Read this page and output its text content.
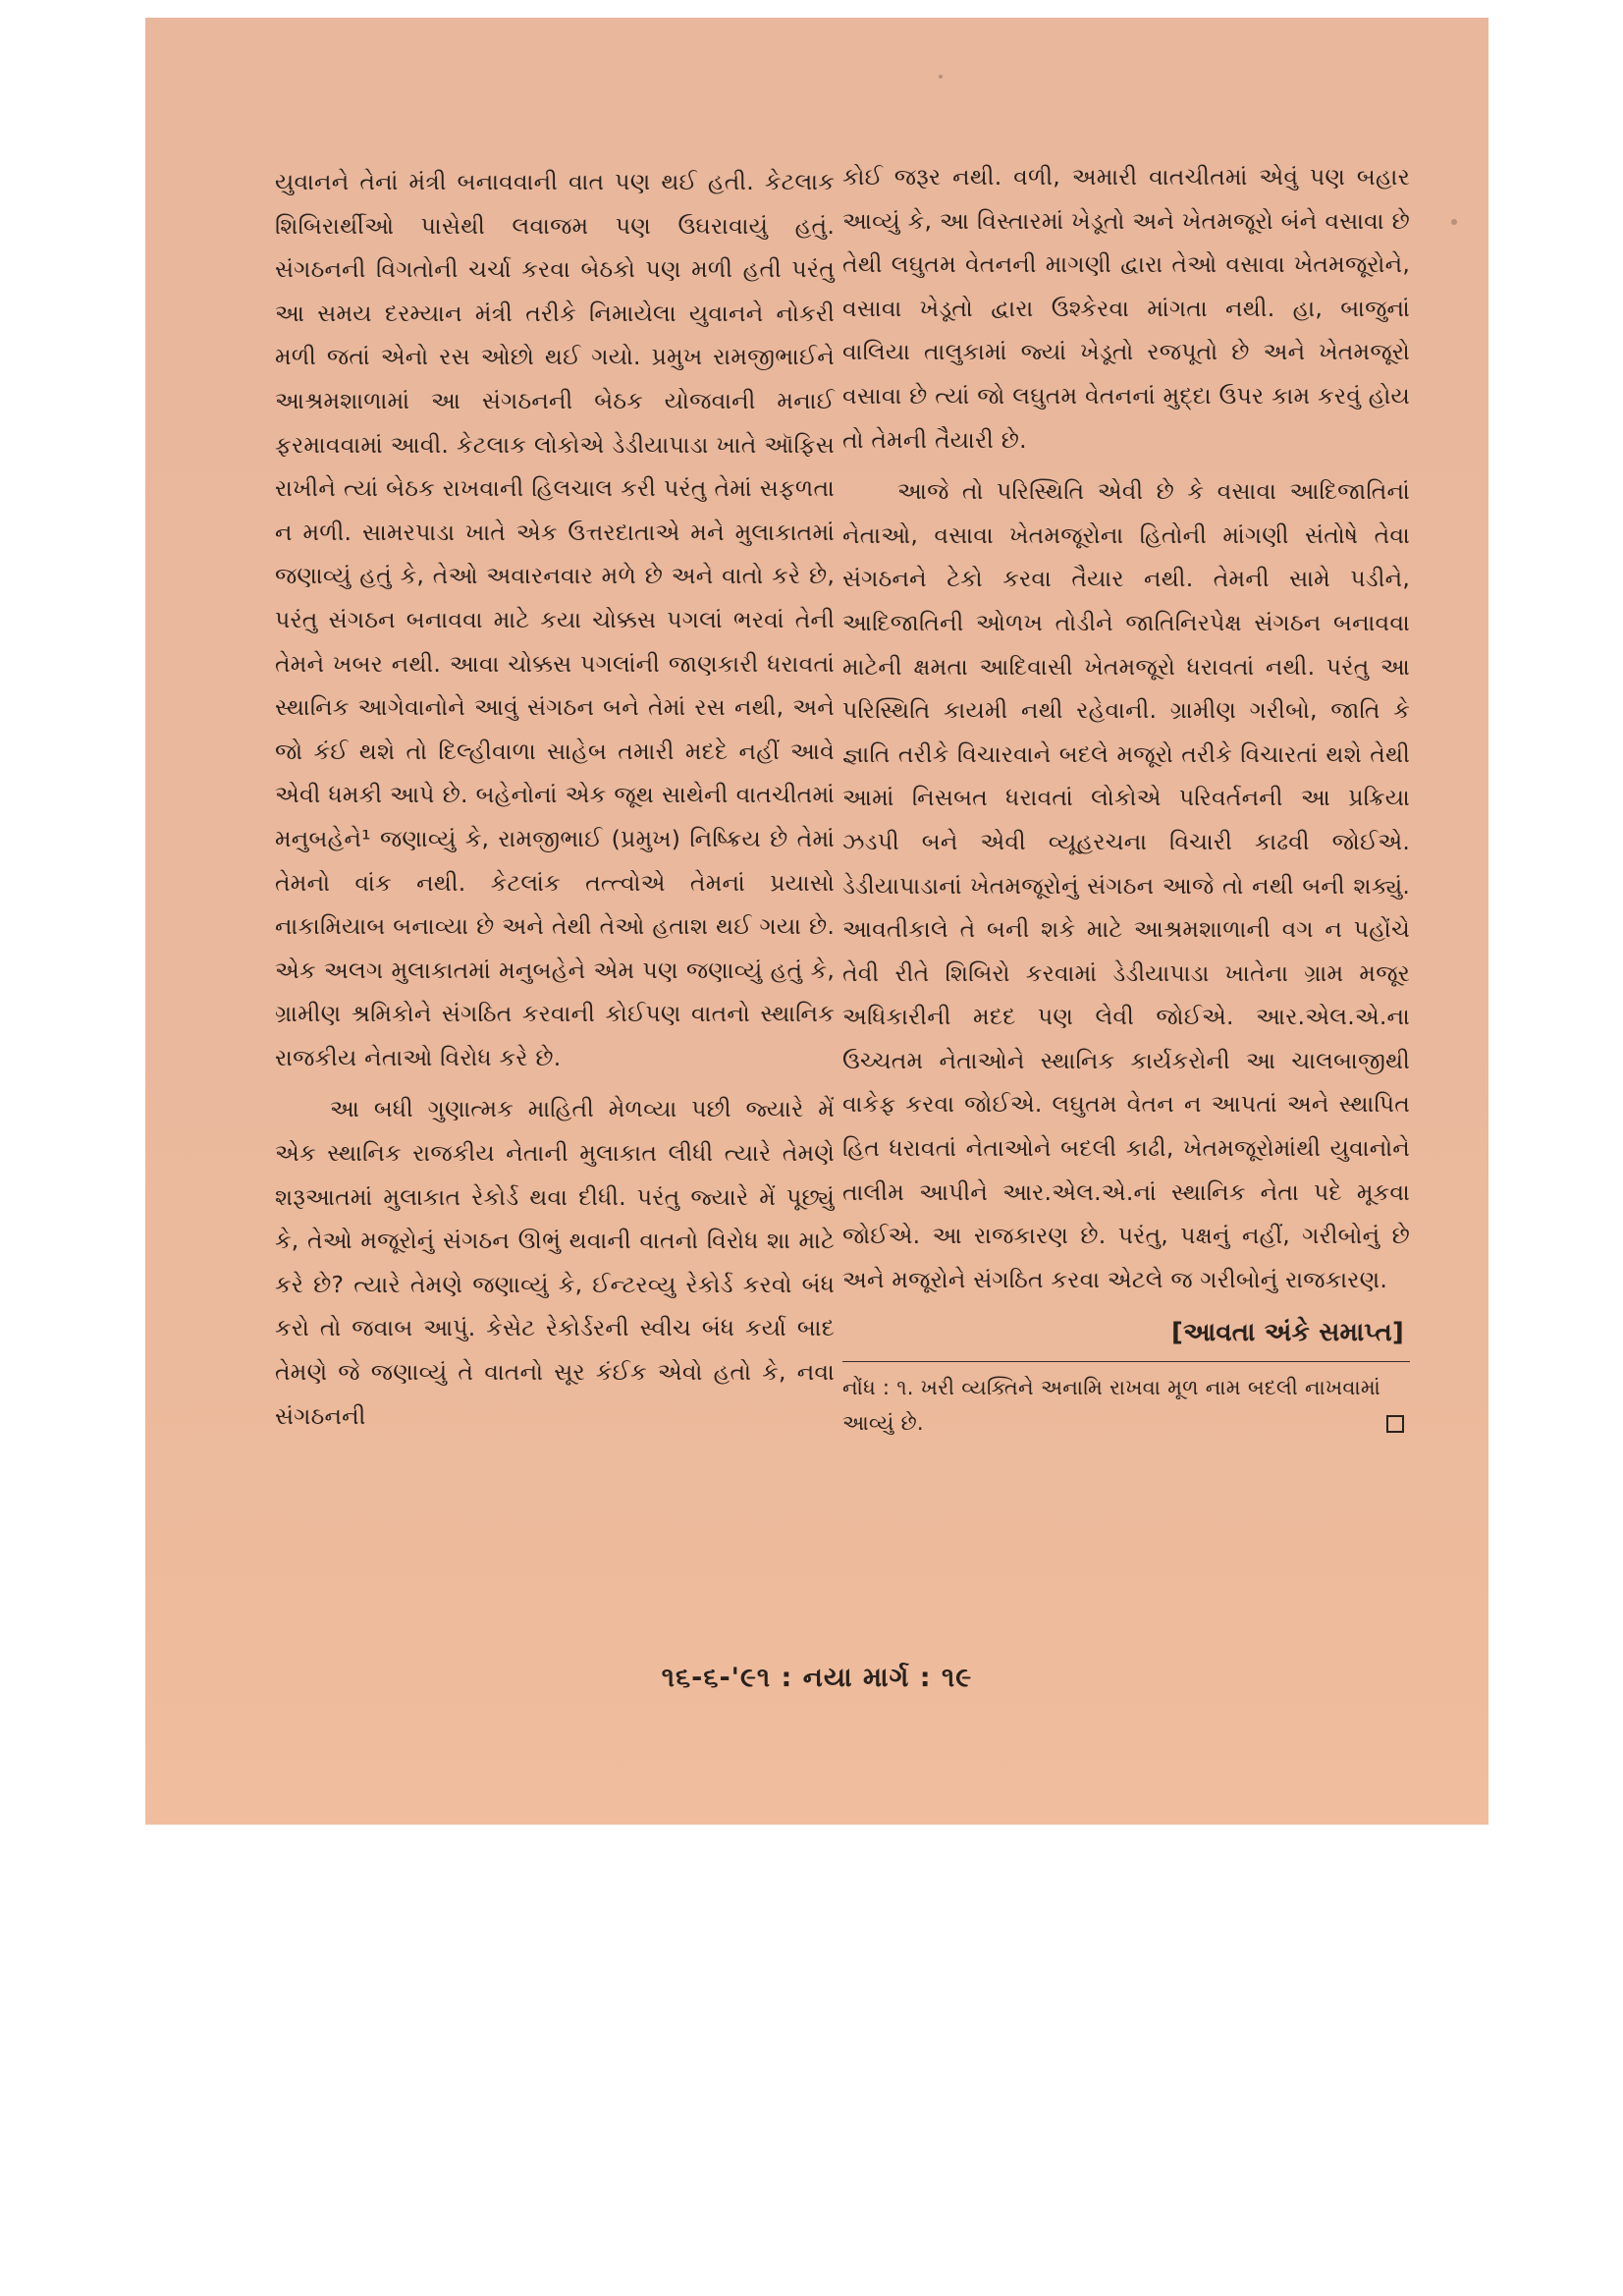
યુવાનને તેનાં મંત્રી બનાવવાની વાત પણ થઈ હતી. કેટલાક શિબિરાર્થીઓ પાસેથી લવાજમ પણ ઉઘરાવાયું હતું. સંગઠનની વિગતોની ચર્ચા કરવા બેઠકો પણ મળી હતી પરંતુ આ સમય દરમ્યાન મંત્રી તરીકે નિમાયેલા યુવાનને નોકરી મળી જતાં એનો રસ ઓછો થઈ ગયો. પ્રમુખ રામજીભાઈને આશ્રમશાળામાં આ સંગઠનની બેઠક યોજવાની મનાઈ ફરમાવવામાં આવી. કેટલાક લોકોએ ડેડીયાપાડા ખાતે ઑફિસ રાખીને ત્યાં બેઠક રાખવાની હિલચાલ કરી પરંતુ તેમાં સફળતા ન મળી. સામરપાડા ખાતે એક ઉત્તરદાતાએ મને મુલાકાતમાં જણાવ્યું હતું કે, તેઓ અવારનવાર મળે છે અને વાતો કરે છે, પરંતુ સંગઠન બનાવવા માટે કયા ચોક્કસ પગલાં ભરવાં તેની તેમને ખબર નથી. આવા ચોક્કસ પગલાંની જાણકારી ધરાવતાં સ્થાનિક આગેવાનોને આવું સંગઠન બને તેમાં રસ નથી, અને જો કંઈ થશે તો દિલ્હીવાળા સાહેબ તમારી મદદે નહીં આવે એવી ધમકી આપે છે. બહેનોનાં એક જૂથ સાથેની વાતચીતમાં મનુબહેને¹ જણાવ્યું કે, રામજીભાઈ (પ્રમુખ) નિષ્ક્રિય છે તેમાં તેમનો વાંક નથી. કેટલાંક તત્ત્વોએ તેમનાં પ્રયાસો નાકામિયાબ બનાવ્યા છે અને તેથી તેઓ હતાશ થઈ ગયા છે. એક અલગ મુલાકાતમાં મનુબહેને એમ પણ જણાવ્યું હતું કે, ગ્રામીણ શ્રમિકોને સંગઠિત કરવાની કોઈપણ વાતનો સ્થાનિક રાજકીય નેતાઓ વિરોધ કરે છે.

આ બધી ગુણાત્મક માહિતી મેળવ્યા પછી જ્યારે મેં એક સ્થાનિક રાજકીય નેતાની મુલાકાત લીધી ત્યારે તેમણે શરૂઆતમાં મુલાકાત રેકોર્ડ થવા દીધી. પરંતુ જ્યારે મેં પૂછ્યું કે, તેઓ મજૂરોનું સંગઠન ઊભું થવાની વાતનો વિરોધ શા માટે કરે છે? ત્યારે તેમણે જણાવ્યું કે, ઈન્ટરવ્યુ રેકોર્ડ કરવો બંધ કરો તો જવાબ આપું. કેસેટ રેકોર્ડરની સ્વીચ બંધ કર્યા બાદ તેમણે જે જણાવ્યું તે વાતનો સૂર કંઈક એવો હતો કે, નવા સંગઠનની

કોઈ જરૂર નથી. વળી, અમારી વાતચીતમાં એવું પણ બહાર આવ્યું કે, આ વિસ્તારમાં ખેડૂતો અને ખેતમજૂરો બંને વસાવા છે તેથી લઘુતમ વેતનની માગણી દ્વારા તેઓ વસાવા ખેતમજૂરોને, વસાવા ખેડૂતો દ્વારા ઉશ્કેરવા માંગતા નથી. હા, બાજુનાં વાલિયા તાલુકામાં જ્યાં ખેડૂતો રજપૂતો છે અને ખેતમજૂરો વસાવા છે ત્યાં જો લઘુતમ વેતનનાં મુદ્દા ઉપર કામ કરવું હોય તો તેમની તૈયારી છે.

આજે તો પરિસ્થિતિ એવી છે કે વસાવા આદિજાતિનાં નેતાઓ, વસાવા ખેતમજૂરોના હિતોની માંગણી સંતોષે તેવા સંગઠનને ટેકો કરવા તૈયાર નથી. તેમની સામે પડીને, આદિજાતિની ઓળખ તોડીને જાતિનિરપેક્ષ સંગઠન બનાવવા માટેની ક્ષમતા આદિવાસી ખેતમજૂરો ધરાવતાં નથી. પરંતુ આ પરિસ્થિતિ કાયમી નથી રહેવાની. ગ્રામીણ ગરીબો, જાતિ કે જ્ઞાતિ તરીકે વિચારવાને બદલે મજૂરો તરીકે વિચારતાં થશે તેથી આમાં નિસબત ધરાવતાં લોકોએ પરિવર્તનની આ પ્રક્રિયા ઝડપી બને એવી વ્યૂહરચના વિચારી કાઢવી જોઈએ. ડેડીયાપાડાનાં ખેતમજૂરોનું સંગઠન આજે તો નથી બની શક્યું. આવતીકાલે તે બની શકે માટે આશ્રમશાળાની વગ ન પહોંચે તેવી રીતે શિબિરો કરવામાં ડેડીયાપાડા ખાતેના ગ્રામ મજૂર અધિકારીની મદદ પણ લેવી જોઈએ. આર.એલ.એ.ના ઉચ્ચતમ નેતાઓને સ્થાનિક કાર્યકરોની આ ચાલબાજીથી વાકેફ કરવા જોઈએ. લઘુતમ વેતન ન આપતાં અને સ્થાપિત હિત ધરાવતાં નેતાઓને બદલી કાઢી, ખેતમજૂરોમાંથી યુવાનોને તાલીમ આપીને આર.એલ.એ.નાં સ્થાનિક નેતા પદે મૂકવા જોઈએ. આ રાજકારણ છે. પરંતુ, પક્ષનું નહીં, ગરીબોનું છે અને મજૂરોને સંગઠિત કરવા એટલે જ ગરીબોનું રાજકારણ.

[આવતા અંકે સમાપ્ત]
નોંધ : ૧. ખરી વ્યક્તિને અનામિ રાખવા મૂળ નામ બદલી નાખવામાં આવ્યું છે.
૧૬-૬-'૯૧ : નયા માર્ગ : ૧૯
